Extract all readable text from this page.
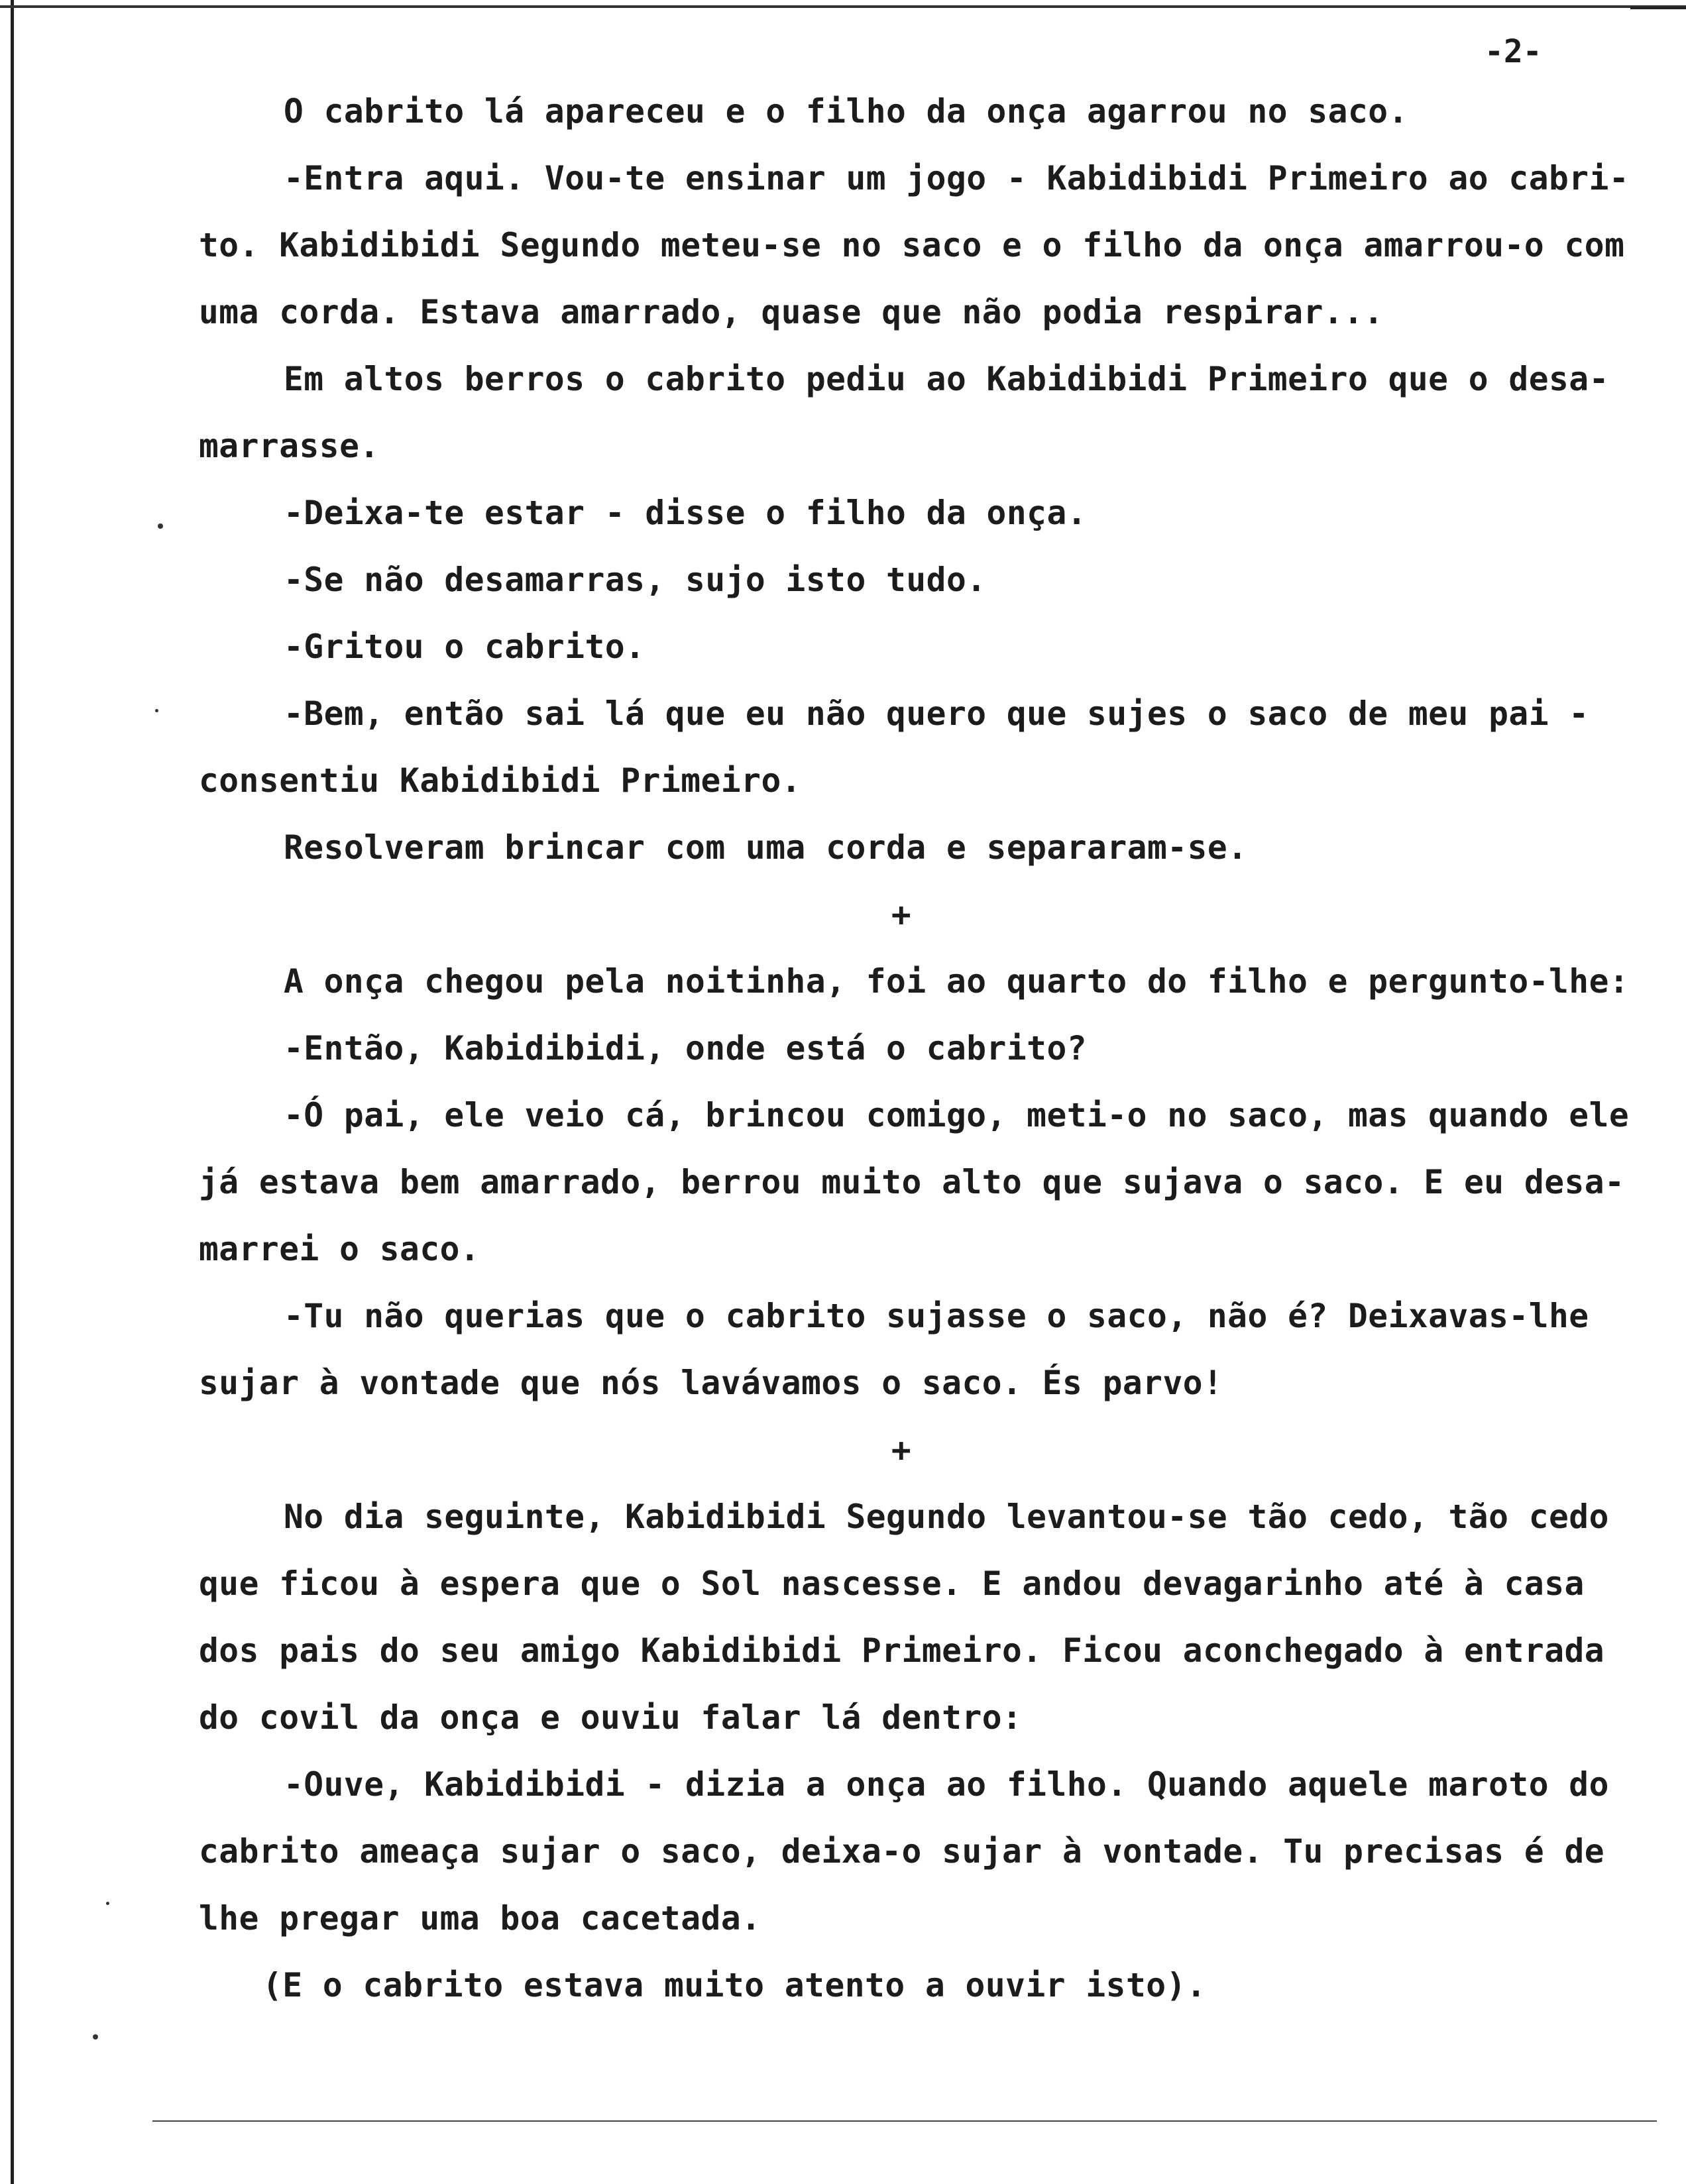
-2-
O cabrito lá apareceu e o filho da onça agarrou no saco.
-Entra aqui. Vou-te ensinar um jogo - Kabidibidi Primeiro ao cabri-
to. Kabidibidi Segundo meteu-se no saco e o filho da onça amarrou-o com
uma corda. Estava amarrado, quase que não podia respirar...
Em altos berros o cabrito pediu ao Kabidibidi Primeiro que o desa-
marrasse.
-Deixa-te estar - disse o filho da onça.
-Se não desamarras, sujo isto tudo.
-Gritou o cabrito.
-Bem, então sai lá que eu não quero que sujes o saco de meu pai -
consentiu Kabidibidi Primeiro.
Resolveram brincar com uma corda e separaram-se.
+
A onça chegou pela noitinha, foi ao quarto do filho e pergunto-lhe:
-Então, Kabidibidi, onde está o cabrito?
-Ó pai, ele veio cá, brincou comigo, meti-o no saco, mas quando ele
já estava bem amarrado, berrou muito alto que sujava o saco. E eu desa-
marrei o saco.
-Tu não querias que o cabrito sujasse o saco, não é? Deixavas-lhe
sujar à vontade que nós lavávamos o saco. És parvo!
+
No dia seguinte, Kabidibidi Segundo levantou-se tão cedo, tão cedo
que ficou à espera que o Sol nascesse. E andou devagarinho até à casa
dos pais do seu amigo Kabidibidi Primeiro. Ficou aconchegado à entrada
do covil da onça e ouviu falar lá dentro:
-Ouve, Kabidibidi - dizia a onça ao filho. Quando aquele maroto do
cabrito ameaça sujar o saco, deixa-o sujar à vontade. Tu precisas é de
lhe pregar uma boa cacetada.
(E o cabrito estava muito atento a ouvir isto).
